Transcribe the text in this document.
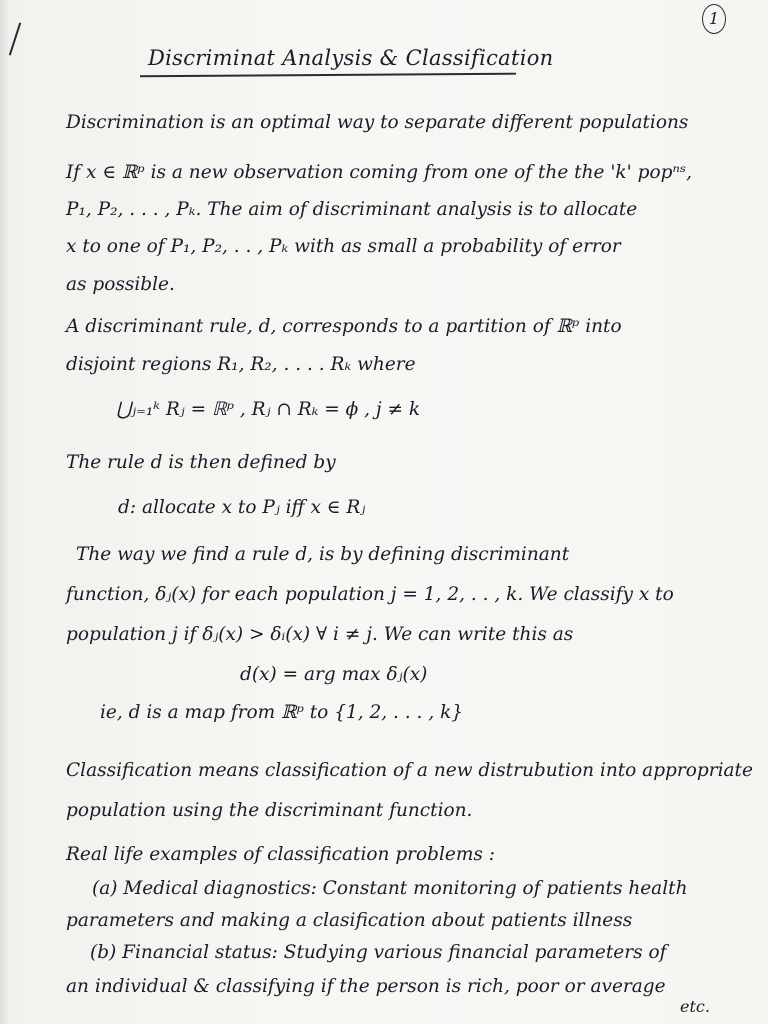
1
Discriminat Analysis & Classification
Discrimination is an optimal way to separate different populations
If x ∈ ℝᵖ is a new observation coming from one of the the 'k' popⁿˢ,
P₁, P₂, . . . , Pₖ. The aim of discriminant analysis is to allocate
x to one of P₁, P₂, . . , Pₖ with as small a probability of error
as possible.
A discriminant rule, d, corresponds to a partition of ℝᵖ into
disjoint regions R₁, R₂, . . . . Rₖ where
⋃ⱼ₌₁ᵏ Rⱼ = ℝᵖ , Rⱼ ∩ Rₖ = ϕ , j ≠ k
The rule d is then defined by
d: allocate x to Pⱼ iff x ∈ Rⱼ
The way we find a rule d, is by defining discriminant
function, δⱼ(x) for each population j = 1, 2, . . , k. We classify x to
population j if δⱼ(x) > δᵢ(x) ∀ i ≠ j. We can write this as
d(x) = arg max δⱼ(x)
ie, d is a map from ℝᵖ to {1, 2, . . . , k}
Classification means classification of a new distrubution into appropriate
population using the discriminant function.
Real life examples of classification problems :
(a) Medical diagnostics: Constant monitoring of patients health
parameters and making a clasification about patients illness
(b) Financial status: Studying various financial parameters of
an individual & classifying if the person is rich, poor or average
etc.
